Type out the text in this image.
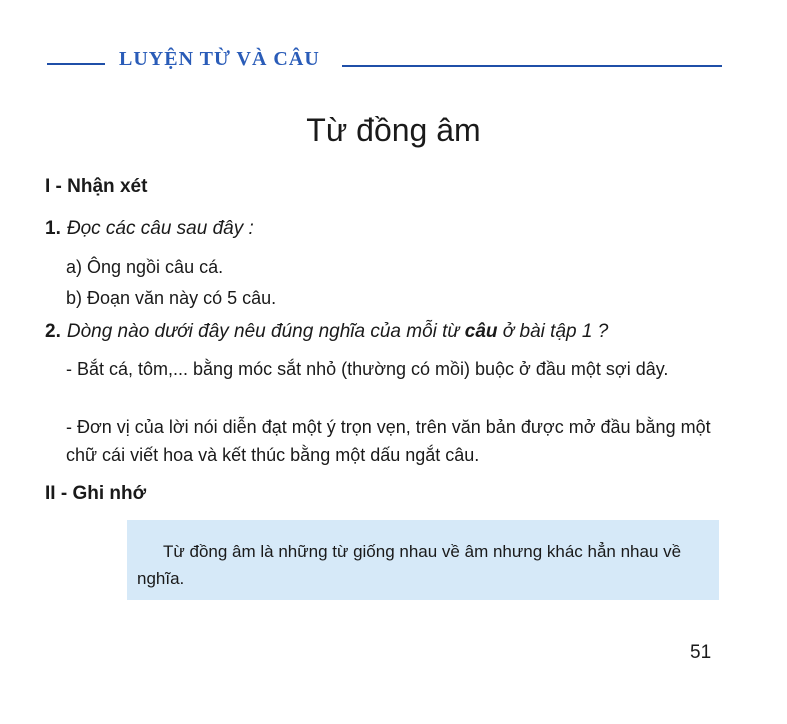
LUYỆN TỪ VÀ CÂU
Từ đồng âm
I - Nhận xét
1. Đọc các câu sau đây :
a) Ông ngồi câu cá.
b) Đoạn văn này có 5 câu.
2. Dòng nào dưới đây nêu đúng nghĩa của mỗi từ câu ở bài tập 1 ?
- Bắt cá, tôm,... bằng móc sắt nhỏ (thường có mồi) buộc ở đầu một sợi dây.
- Đơn vị của lời nói diễn đạt một ý trọn vẹn, trên văn bản được mở đầu bằng một chữ cái viết hoa và kết thúc bằng một dấu ngắt câu.
II - Ghi nhớ
Từ đồng âm là những từ giống nhau về âm nhưng khác hẳn nhau về nghĩa.
51
